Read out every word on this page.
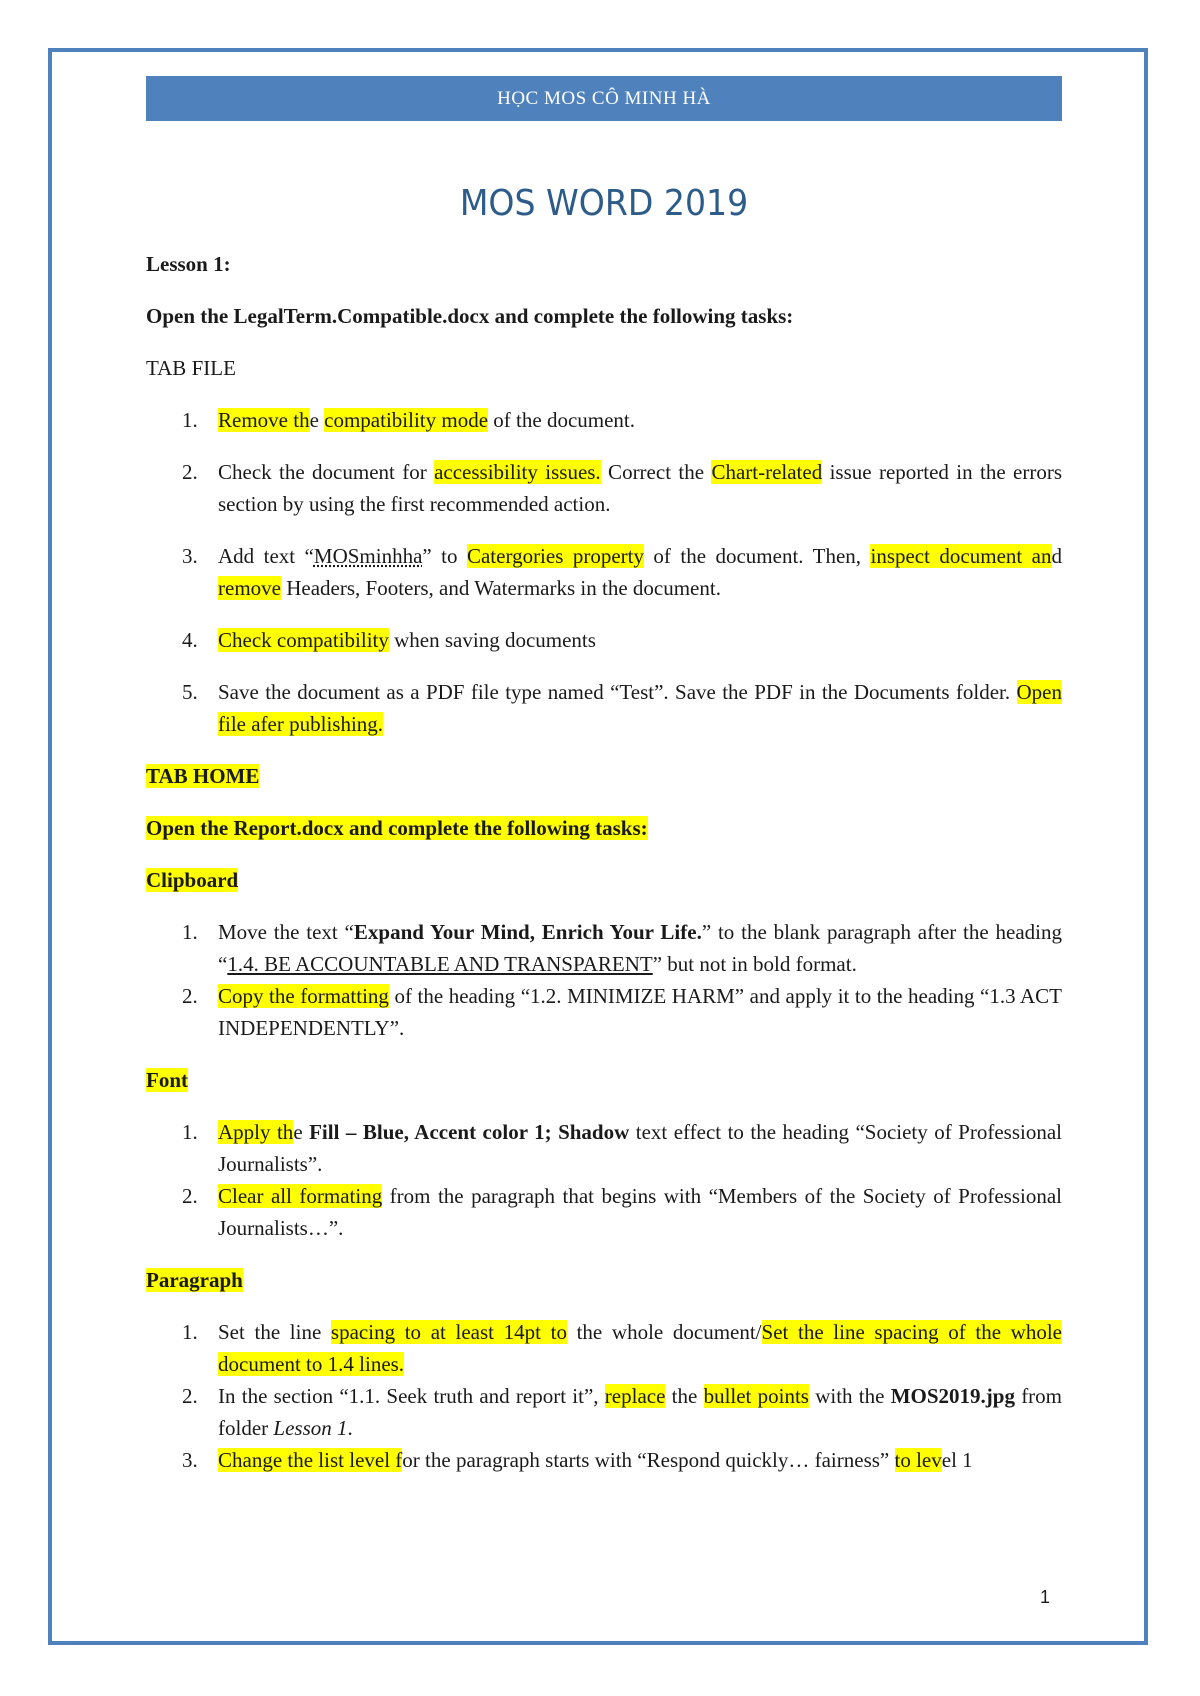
HỌC MOS CÔ MINH HÀ
MOS WORD 2019

Lesson 1:

Open the LegalTerm.Compatible.docx and complete the following tasks:

TAB FILE

1. Remove the compatibility mode of the document.
2. Check the document for accessibility issues. Correct the Chart-related issue reported in the errors section by using the first recommended action.
3. Add text “MOSminhha” to Catergories property of the document. Then, inspect document and remove Headers, Footers, and Watermarks in the document.
4. Check compatibility when saving documents
5. Save the document as a PDF file type named “Test”. Save the PDF in the Documents folder. Open file afer publishing.

TAB HOME

Open the Report.docx and complete the following tasks:

Clipboard

1. Move the text “Expand Your Mind, Enrich Your Life.” to the blank paragraph after the heading “1.4. BE ACCOUNTABLE AND TRANSPARENT” but not in bold format.
2. Copy the formatting of the heading “1.2. MINIMIZE HARM” and apply it to the heading “1.3 ACT INDEPENDENTLY”.

Font

1. Apply the Fill – Blue, Accent color 1; Shadow text effect to the heading “Society of Professional Journalists”.
2. Clear all formating from the paragraph that begins with “Members of the Society of Professional Journalists…”.

Paragraph

1. Set the line spacing to at least 14pt to the whole document/Set the line spacing of the whole document to 1.4 lines.
2. In the section “1.1. Seek truth and report it”, replace the bullet points with the MOS2019.jpg from folder Lesson 1.
3. Change the list level for the paragraph starts with “Respond quickly… fairness” to level 1
1
